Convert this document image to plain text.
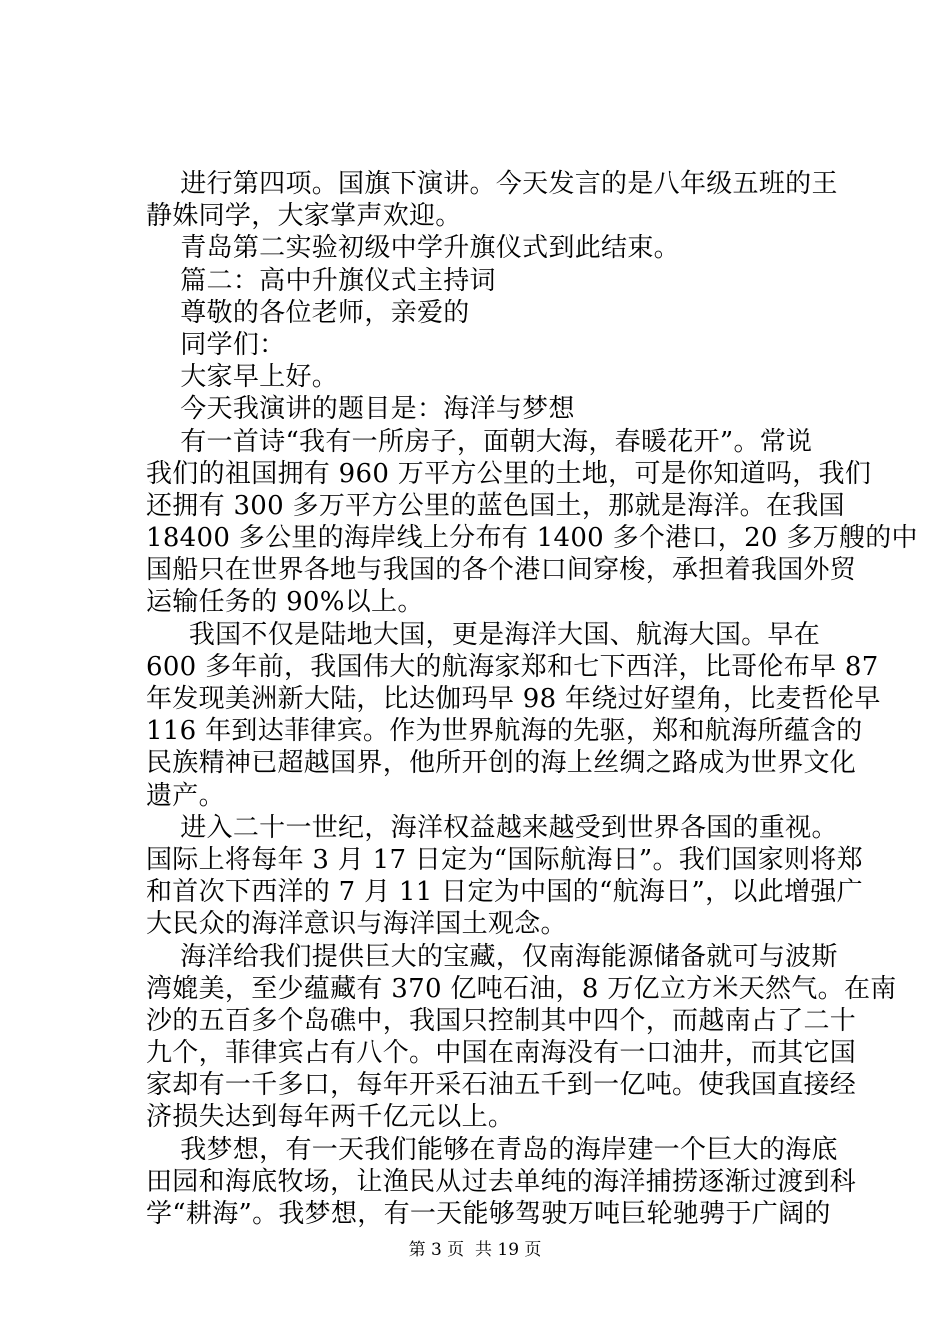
进行第四项。国旗下演讲。今天发言的是八年级五班的王
静姝同学，大家掌声欢迎。
青岛第二实验初级中学升旗仪式到此结束。
篇二：高中升旗仪式主持词
尊敬的各位老师，亲爱的
同学们：
大家早上好。
今天我演讲的题目是：海洋与梦想
有一首诗“我有一所房子，面朝大海，春暖花开”。常说
我们的祖国拥有 960 万平方公里的土地，可是你知道吗，我们
还拥有 300 多万平方公里的蓝色国土，那就是海洋。在我国
18400 多公里的海岸线上分布有 1400 多个港口，20 多万艘的中
国船只在世界各地与我国的各个港口间穿梭，承担着我国外贸
运输任务的 90%以上。
我国不仅是陆地大国，更是海洋大国、航海大国。早在
600 多年前，我国伟大的航海家郑和七下西洋，比哥伦布早 87
年发现美洲新大陆，比达伽玛早 98 年绕过好望角，比麦哲伦早
116 年到达菲律宾。作为世界航海的先驱，郑和航海所蕴含的
民族精神已超越国界，他所开创的海上丝绸之路成为世界文化
遗产。
进入二十一世纪，海洋权益越来越受到世界各国的重视。
国际上将每年 3 月 17 日定为“国际航海日”。我们国家则将郑
和首次下西洋的 7 月 11 日定为中国的“航海日”，以此增强广
大民众的海洋意识与海洋国土观念。
海洋给我们提供巨大的宝藏，仅南海能源储备就可与波斯
湾媲美，至少蕴藏有 370 亿吨石油，8 万亿立方米天然气。在南
沙的五百多个岛礁中，我国只控制其中四个，而越南占了二十
九个，菲律宾占有八个。中国在南海没有一口油井，而其它国
家却有一千多口，每年开采石油五千到一亿吨。使我国直接经
济损失达到每年两千亿元以上。
我梦想，有一天我们能够在青岛的海岸建一个巨大的海底
田园和海底牧场，让渔民从过去单纯的海洋捕捞逐渐过渡到科
学“耕海”。我梦想，有一天能够驾驶万吨巨轮驰骋于广阔的
第 3 页  共 19 页
